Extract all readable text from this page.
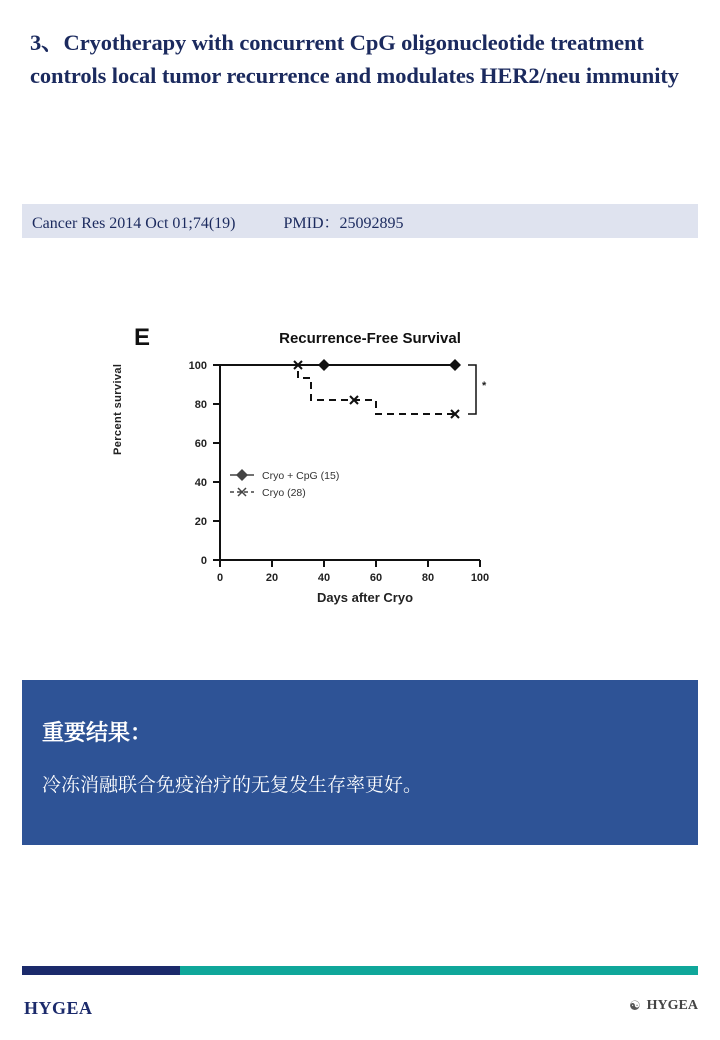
3、Cryotherapy with concurrent CpG oligonucleotide treatment controls local tumor recurrence and modulates HER2/neu immunity
Cancer Res 2014 Oct 01;74(19)            PMID：25092895
E	Recurrence-Free Survival
Percent survival
Days after Cryo
0
20
40
60
80
100
0	20	40	60	80	100
*
Cryo + CpG (15)
Cryo (28)
重要结果：
冷冻消融联合免疫治疗的无复发生存率更好。
HYGEA	☯ HYGEA
